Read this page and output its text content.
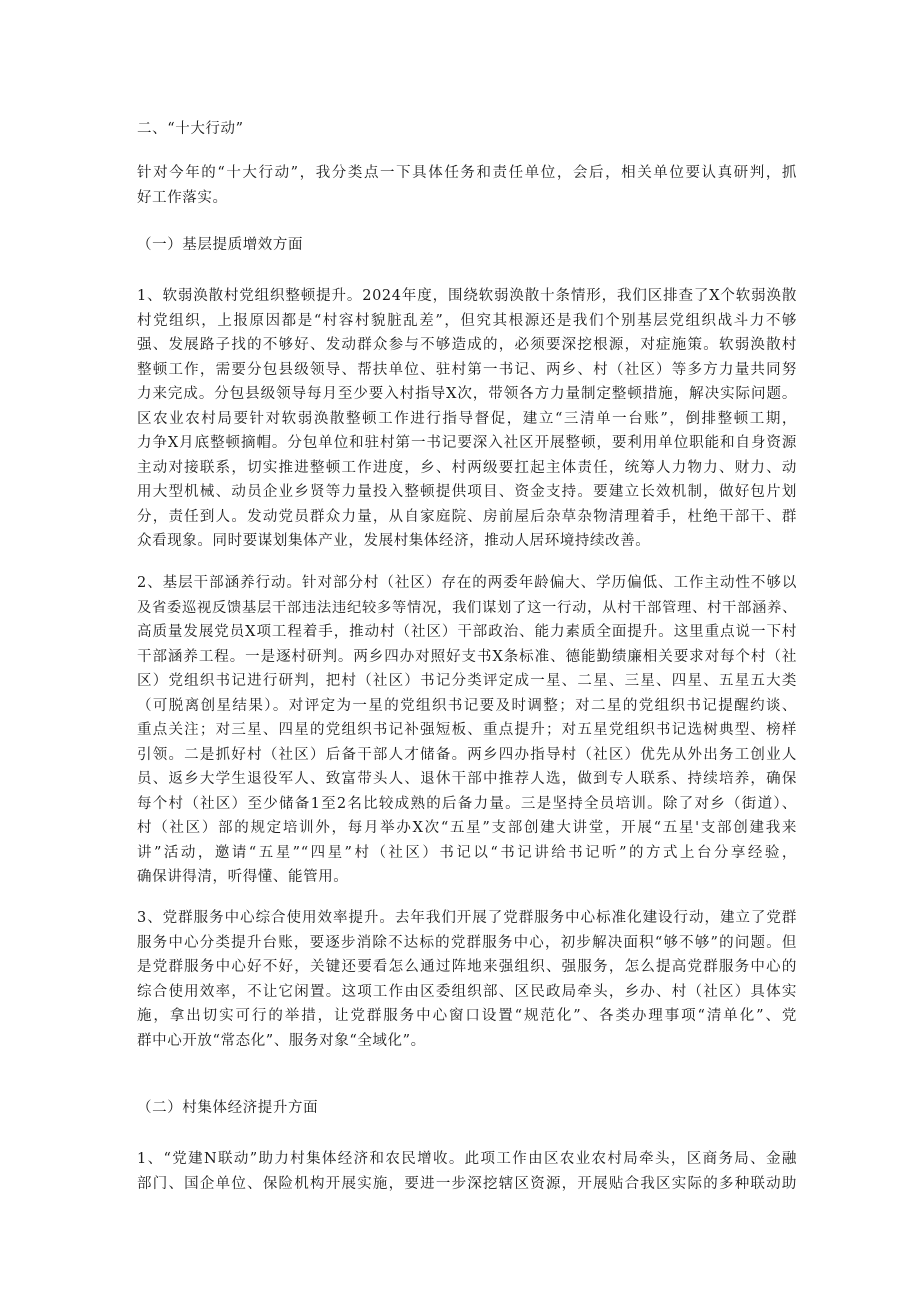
二、“十大行动”
针对今年的“十大行动”，我分类点一下具体任务和责任单位，会后，相关单位要认真研判，抓
好工作落实。
（一）基层提质增效方面
1、软弱涣散村党组织整顿提升。2024年度，围绕软弱涣散十条情形，我们区排查了X个软弱涣散
村党组织，上报原因都是“村容村貌脏乱差”，但究其根源还是我们个别基层党组织战斗力不够
强、发展路子找的不够好、发动群众参与不够造成的，必须要深挖根源，对症施策。软弱涣散村
整顿工作，需要分包县级领导、帮扶单位、驻村第一书记、两乡、村（社区）等多方力量共同努
力来完成。分包县级领导每月至少要入村指导X次，带领各方力量制定整顿措施，解决实际问题。
区农业农村局要针对软弱涣散整顿工作进行指导督促，建立“三清单一台账”，倒排整顿工期，
力争X月底整顿摘帽。分包单位和驻村第一书记要深入社区开展整顿，要利用单位职能和自身资源
主动对接联系，切实推进整顿工作进度，乡、村两级要扛起主体责任，统筹人力物力、财力、动
用大型机械、动员企业乡贤等力量投入整顿提供项目、资金支持。要建立长效机制，做好包片划
分，责任到人。发动党员群众力量，从自家庭院、房前屋后杂草杂物清理着手，杜绝干部干、群
众看现象。同时要谋划集体产业，发展村集体经济，推动人居环境持续改善。
2、基层干部涵养行动。针对部分村（社区）存在的两委年龄偏大、学历偏低、工作主动性不够以
及省委巡视反馈基层干部违法违纪较多等情况，我们谋划了这一行动，从村干部管理、村干部涵养、
高质量发展党员X项工程着手，推动村（社区）干部政治、能力素质全面提升。这里重点说一下村
干部涵养工程。一是逐村研判。两乡四办对照好支书X条标准、德能勤绩廉相关要求对每个村（社
区）党组织书记进行研判，把村（社区）书记分类评定成一星、二星、三星、四星、五星五大类
（可脱离创星结果）。对评定为一星的党组织书记要及时调整；对二星的党组织书记提醒约谈、
重点关注；对三星、四星的党组织书记补强短板、重点提升；对五星党组织书记选树典型、榜样
引领。二是抓好村（社区）后备干部人才储备。两乡四办指导村（社区）优先从外出务工创业人
员、返乡大学生退役军人、致富带头人、退休干部中推荐人选，做到专人联系、持续培养，确保
每个村（社区）至少储备1至2名比较成熟的后备力量。三是坚持全员培训。除了对乡（街道）、
村（社区）部的规定培训外，每月举办X次“五星”支部创建大讲堂，开展“五星'支部创建我来
讲”活动，邀请“五星”“四星”村（社区）书记以“书记讲给书记听”的方式上台分享经验，
确保讲得清，听得懂、能管用。
3、党群服务中心综合使用效率提升。去年我们开展了党群服务中心标准化建设行动，建立了党群
服务中心分类提升台账，要逐步消除不达标的党群服务中心，初步解决面积“够不够”的问题。但
是党群服务中心好不好，关键还要看怎么通过阵地来强组织、强服务，怎么提高党群服务中心的
综合使用效率，不让它闲置。这项工作由区委组织部、区民政局牵头，乡办、村（社区）具体实
施，拿出切实可行的举措，让党群服务中心窗口设置“规范化”、各类办理事项“清单化”、党
群中心开放“常态化”、服务对象“全域化”。
（二）村集体经济提升方面
1、“党建N联动”助力村集体经济和农民增收。此项工作由区农业农村局牵头，区商务局、金融
部门、国企单位、保险机构开展实施，要进一步深挖辖区资源，开展贴合我区实际的多种联动助
